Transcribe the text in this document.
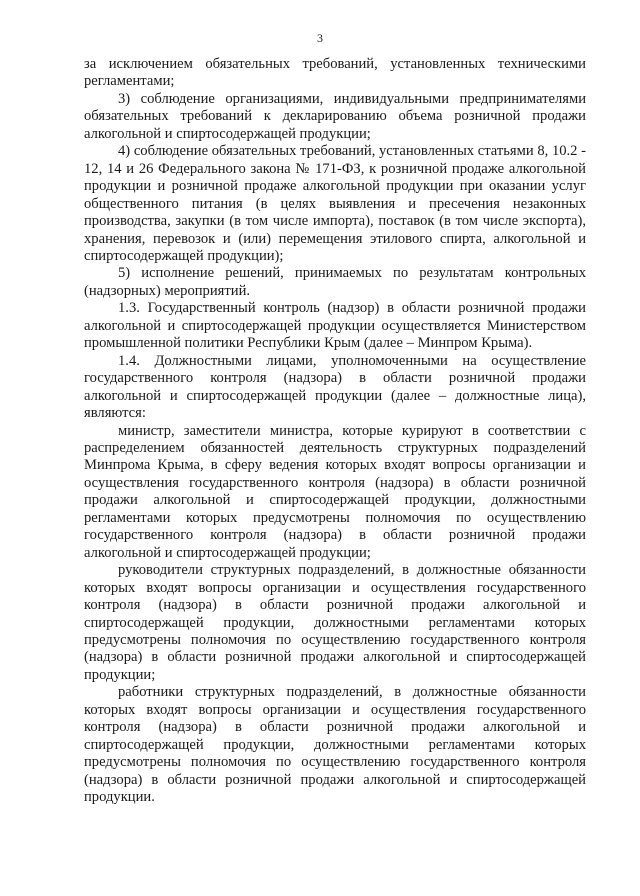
3

за исключением обязательных требований, установленных техническими регламентами;

3) соблюдение организациями, индивидуальными предпринимателями обязательных требований к декларированию объема розничной продажи алкогольной и спиртосодержащей продукции;

4) соблюдение обязательных требований, установленных статьями 8, 10.2 - 12, 14 и 26 Федерального закона № 171-ФЗ, к розничной продаже алкогольной продукции и розничной продаже алкогольной продукции при оказании услуг общественного питания (в целях выявления и пресечения незаконных производства, закупки (в том числе импорта), поставок (в том числе экспорта), хранения, перевозок и (или) перемещения этилового спирта, алкогольной и спиртосодержащей продукции);

5) исполнение решений, принимаемых по результатам контрольных (надзорных) мероприятий.

1.3. Государственный контроль (надзор) в области розничной продажи алкогольной и спиртосодержащей продукции осуществляется Министерством промышленной политики Республики Крым (далее – Минпром Крыма).

1.4. Должностными лицами, уполномоченными на осуществление государственного контроля (надзора) в области розничной продажи алкогольной и спиртосодержащей продукции (далее – должностные лица), являются:

министр, заместители министра, которые курируют в соответствии с распределением обязанностей деятельность структурных подразделений Минпрома Крыма, в сферу ведения которых входят вопросы организации и осуществления государственного контроля (надзора) в области розничной продажи алкогольной и спиртосодержащей продукции, должностными регламентами которых предусмотрены полномочия по осуществлению государственного контроля (надзора) в области розничной продажи алкогольной и спиртосодержащей продукции;

руководители структурных подразделений, в должностные обязанности которых входят вопросы организации и осуществления государственного контроля (надзора) в области розничной продажи алкогольной и спиртосодержащей продукции, должностными регламентами которых предусмотрены полномочия по осуществлению государственного контроля (надзора) в области розничной продажи алкогольной и спиртосодержащей продукции;

работники структурных подразделений, в должностные обязанности которых входят вопросы организации и осуществления государственного контроля (надзора) в области розничной продажи алкогольной и спиртосодержащей продукции, должностными регламентами которых предусмотрены полномочия по осуществлению государственного контроля (надзора) в области розничной продажи алкогольной и спиртосодержащей продукции.
